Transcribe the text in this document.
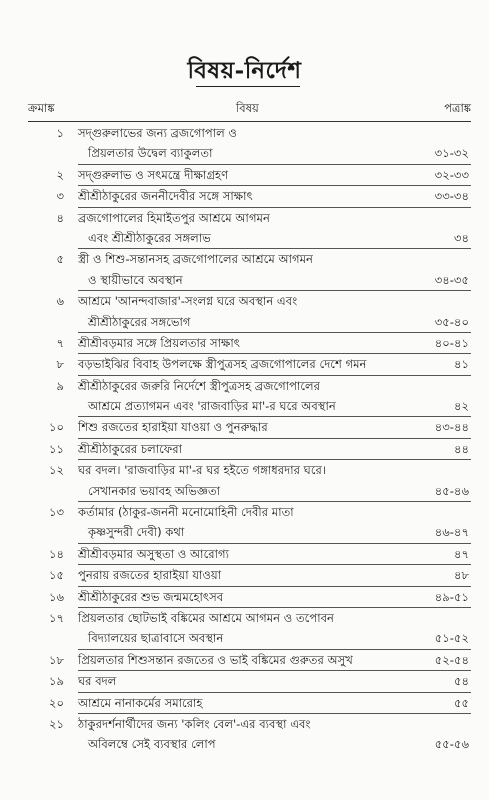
বিষয়-নির্দেশ
ক্রমাঙ্ক	বিষয়	পত্রাঙ্ক
১ সদ্‌গুরুলাভের জন্য ব্রজগোপাল ও
প্রিয়লতার উদ্বেল ব্যাকুলতা	৩১-৩২
২ সদ্‌গুরুলাভ ও সৎমন্ত্রে দীক্ষাগ্রহণ	৩২-৩৩
৩ শ্রীশ্রীঠাকুরের জননীদেবীর সঙ্গে সাক্ষাৎ	৩৩-৩৪
৪ ব্রজগোপালের হিমাইতপুর আশ্রমে আগমন
এবং শ্রীশ্রীঠাকুরের সঙ্গলাভ	৩৪
৫ স্ত্রী ও শিশু-সন্তানসহ ব্রজগোপালের আশ্রমে আগমন
ও স্থায়ীভাবে অবস্থান	৩৪-৩৫
৬ আশ্রমে 'আনন্দবাজার'-সংলগ্ন ঘরে অবস্থান এবং
শ্রীশ্রীঠাকুরের সঙ্গভোগ	৩৫-৪০
৭ শ্রীশ্রীবড়মার সঙ্গে প্রিয়লতার সাক্ষাৎ	৪০-৪১
৮ বড়ভাইঝির বিবাহ উপলক্ষে স্ত্রীপুত্রসহ ব্রজগোপালের দেশে গমন	৪১
৯ শ্রীশ্রীঠাকুরের জরুরি নির্দেশে স্ত্রীপুত্রসহ ব্রজগোপালের
আশ্রমে প্রত্যাগমন এবং 'রাজবাড়ির মা'-র ঘরে অবস্থান	৪২
১০ শিশু রজতের হারাইয়া যাওয়া ও পুনরুদ্ধার	৪৩-৪৪
১১ শ্রীশ্রীঠাকুরের চলাফেরা	৪৪
১২ ঘর বদল। 'রাজবাড়ির মা'-র ঘর হইতে গঙ্গাধরদার ঘরে।
সেখানকার ভয়াবহ অভিজ্ঞতা	৪৫-৪৬
১৩ কর্তামার (ঠাকুর-জননী মনোমোহিনী দেবীর মাতা
কৃষ্ণসুন্দরী দেবী) কথা	৪৬-৪৭
১৪ শ্রীশ্রীবড়মার অসুস্থতা ও আরোগ্য	৪৭
১৫ পুনরায় রজতের হারাইয়া যাওয়া	৪৮
১৬ শ্রীশ্রীঠাকুরের শুভ জন্মমহোৎসব	৪৯-৫১
১৭ প্রিয়লতার ছোটভাই বঙ্কিমের আশ্রমে আগমন ও তপোবন
বিদ্যালয়ের ছাত্রাবাসে অবস্থান	৫১-৫২
১৮ প্রিয়লতার শিশুসন্তান রজতের ও ভাই বঙ্কিমের গুরুতর অসুখ	৫২-৫৪
১৯ ঘর বদল	৫৪
২০ আশ্রমে নানাকর্মের সমারোহ	৫৫
২১ ঠাকুরদর্শনার্থীদের জন্য 'কলিং বেল'-এর ব্যবস্থা এবং
অবিলম্বে সেই ব্যবস্থার লোপ	৫৫-৫৬
